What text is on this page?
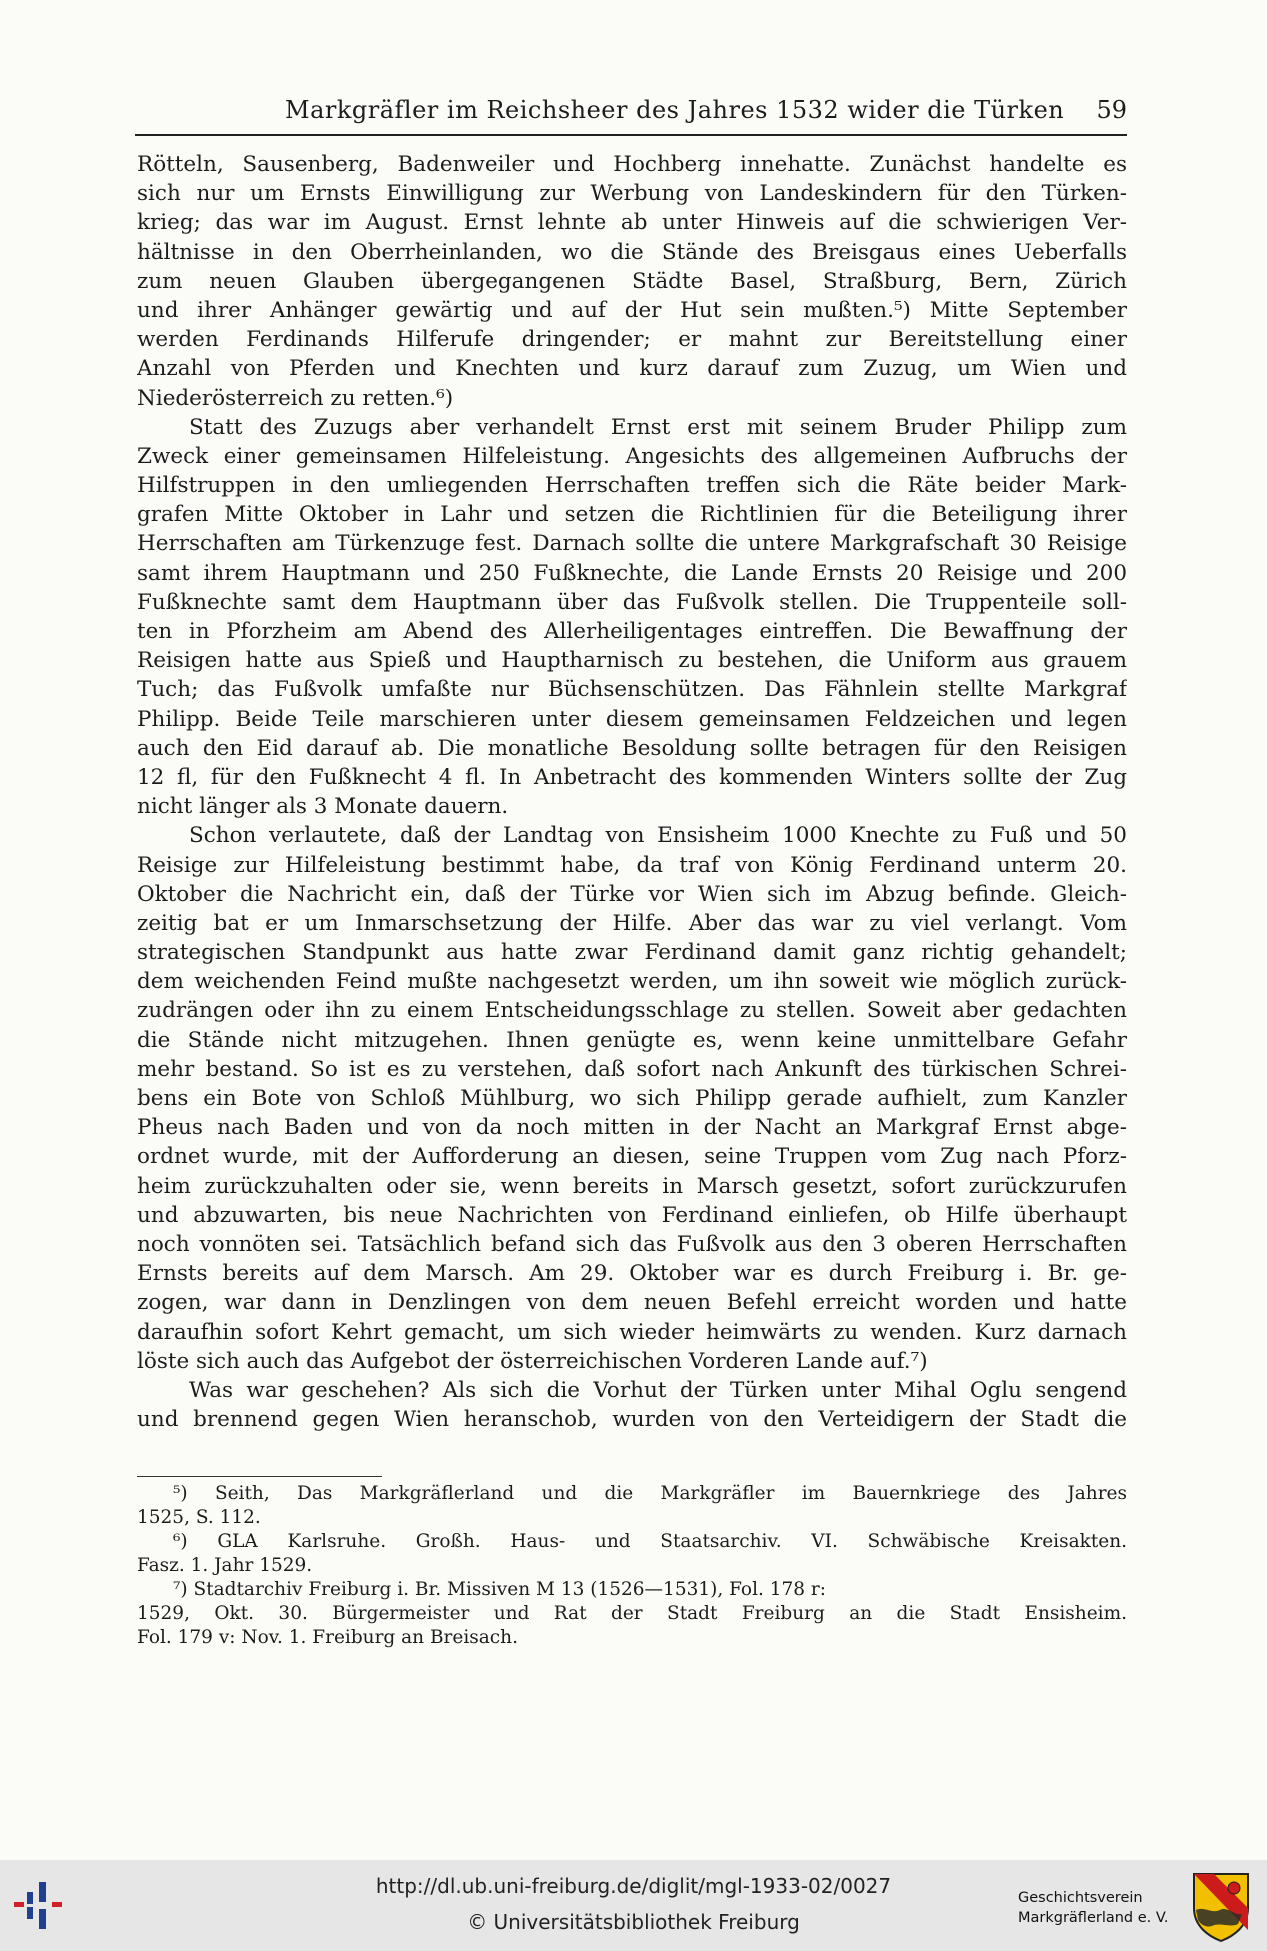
Markgräfler im Reichsheer des Jahres 1532 wider die Türken 59
Rötteln, Sausenberg, Badenweiler und Hochberg innehatte. Zunächst handelte es
sich nur um Ernsts Einwilligung zur Werbung von Landeskindern für den Türken-
krieg; das war im August. Ernst lehnte ab unter Hinweis auf die schwierigen Ver-
hältnisse in den Oberrheinlanden, wo die Stände des Breisgaus eines Ueberfalls
zum neuen Glauben übergegangenen Städte Basel, Straßburg, Bern, Zürich
und ihrer Anhänger gewärtig und auf der Hut sein mußten.⁵) Mitte September
werden Ferdinands Hilferufe dringender; er mahnt zur Bereitstellung einer
Anzahl von Pferden und Knechten und kurz darauf zum Zuzug, um Wien und
Niederösterreich zu retten.⁶)
Statt des Zuzugs aber verhandelt Ernst erst mit seinem Bruder Philipp zum
Zweck einer gemeinsamen Hilfeleistung. Angesichts des allgemeinen Aufbruchs der
Hilfstruppen in den umliegenden Herrschaften treffen sich die Räte beider Mark-
grafen Mitte Oktober in Lahr und setzen die Richtlinien für die Beteiligung ihrer
Herrschaften am Türkenzuge fest. Darnach sollte die untere Markgrafschaft 30 Reisige
samt ihrem Hauptmann und 250 Fußknechte, die Lande Ernsts 20 Reisige und 200
Fußknechte samt dem Hauptmann über das Fußvolk stellen. Die Truppenteile soll-
ten in Pforzheim am Abend des Allerheiligentages eintreffen. Die Bewaffnung der
Reisigen hatte aus Spieß und Hauptharnisch zu bestehen, die Uniform aus grauem
Tuch; das Fußvolk umfaßte nur Büchsenschützen. Das Fähnlein stellte Markgraf
Philipp. Beide Teile marschieren unter diesem gemeinsamen Feldzeichen und legen
auch den Eid darauf ab. Die monatliche Besoldung sollte betragen für den Reisigen
12 fl, für den Fußknecht 4 fl. In Anbetracht des kommenden Winters sollte der Zug
nicht länger als 3 Monate dauern.
Schon verlautete, daß der Landtag von Ensisheim 1000 Knechte zu Fuß und 50
Reisige zur Hilfeleistung bestimmt habe, da traf von König Ferdinand unterm 20.
Oktober die Nachricht ein, daß der Türke vor Wien sich im Abzug befinde. Gleich-
zeitig bat er um Inmarschsetzung der Hilfe. Aber das war zu viel verlangt. Vom
strategischen Standpunkt aus hatte zwar Ferdinand damit ganz richtig gehandelt;
dem weichenden Feind mußte nachgesetzt werden, um ihn soweit wie möglich zurück-
zudrängen oder ihn zu einem Entscheidungsschlage zu stellen. Soweit aber gedachten
die Stände nicht mitzugehen. Ihnen genügte es, wenn keine unmittelbare Gefahr
mehr bestand. So ist es zu verstehen, daß sofort nach Ankunft des türkischen Schrei-
bens ein Bote von Schloß Mühlburg, wo sich Philipp gerade aufhielt, zum Kanzler
Pheus nach Baden und von da noch mitten in der Nacht an Markgraf Ernst abge-
ordnet wurde, mit der Aufforderung an diesen, seine Truppen vom Zug nach Pforz-
heim zurückzuhalten oder sie, wenn bereits in Marsch gesetzt, sofort zurückzurufen
und abzuwarten, bis neue Nachrichten von Ferdinand einliefen, ob Hilfe überhaupt
noch vonnöten sei. Tatsächlich befand sich das Fußvolk aus den 3 oberen Herrschaften
Ernsts bereits auf dem Marsch. Am 29. Oktober war es durch Freiburg i. Br. ge-
zogen, war dann in Denzlingen von dem neuen Befehl erreicht worden und hatte
daraufhin sofort Kehrt gemacht, um sich wieder heimwärts zu wenden. Kurz darnach
löste sich auch das Aufgebot der österreichischen Vorderen Lande auf.⁷)
Was war geschehen? Als sich die Vorhut der Türken unter Mihal Oglu sengend
und brennend gegen Wien heranschob, wurden von den Verteidigern der Stadt die
⁵) Seith, Das Markgräflerland und die Markgräfler im Bauernkriege des Jahres
1525, S. 112.
⁶) GLA Karlsruhe. Großh. Haus- und Staatsarchiv. VI. Schwäbische Kreisakten.
Fasz. 1. Jahr 1529.
⁷) Stadtarchiv Freiburg i. Br. Missiven M 13 (1526—1531), Fol. 178 r:
1529, Okt. 30. Bürgermeister und Rat der Stadt Freiburg an die Stadt Ensisheim.
Fol. 179 v: Nov. 1. Freiburg an Breisach.
http://dl.ub.uni-freiburg.de/diglit/mgl-1933-02/0027
© Universitätsbibliothek Freiburg
Geschichtsverein
Markgräflerland e. V.
